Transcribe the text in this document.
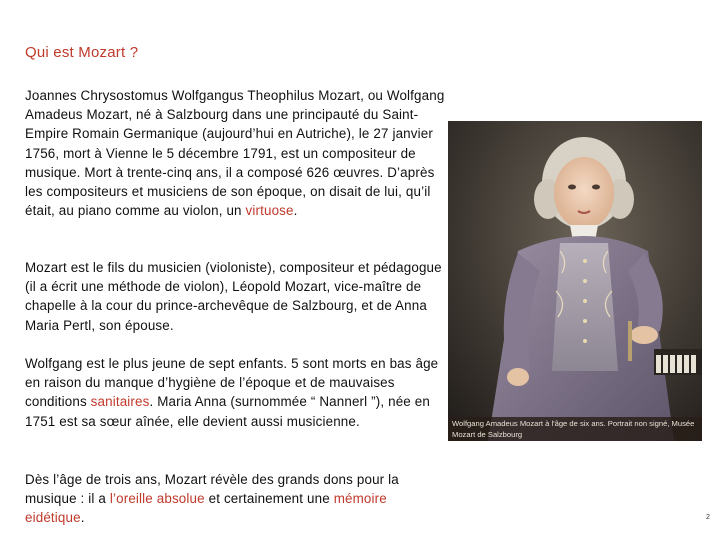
Qui est Mozart ?
Joannes Chrysostomus Wolfgangus Theophilus Mozart, ou Wolfgang Amadeus Mozart, né à Salzbourg dans une principauté du Saint-Empire Romain Germanique (aujourd’hui en Autriche), le 27 janvier 1756, mort à Vienne le 5 décembre 1791, est un compositeur de musique. Mort à trente-cinq ans, il a composé 626 œuvres. D’après les compositeurs et musiciens de son époque, on disait de lui, qu’il était, au piano comme au violon, un virtuose.
Mozart est le fils du musicien (violoniste), compositeur et pédagogue (il a écrit une méthode de violon), Léopold Mozart, vice-maître de chapelle à la cour du prince-archevêque de Salzbourg, et de Anna Maria Pertl, son épouse.
Wolfgang est le plus jeune de sept enfants. 5 sont morts en bas âge en raison du manque d’hygiène de l’époque et de mauvaises conditions sanitaires. Maria Anna (surnommée “ Nannerl ”), née en 1751 est sa sœur aînée, elle devient aussi musicienne.
Dès l’âge de trois ans, Mozart révèle des grands dons pour la musique : il a l’oreille absolue et certainement une mémoire eidétique.
Wolfgang Amadeus Mozart à l'âge de six ans. Portrait non signé, Musée Mozart de Salzbourg
2
